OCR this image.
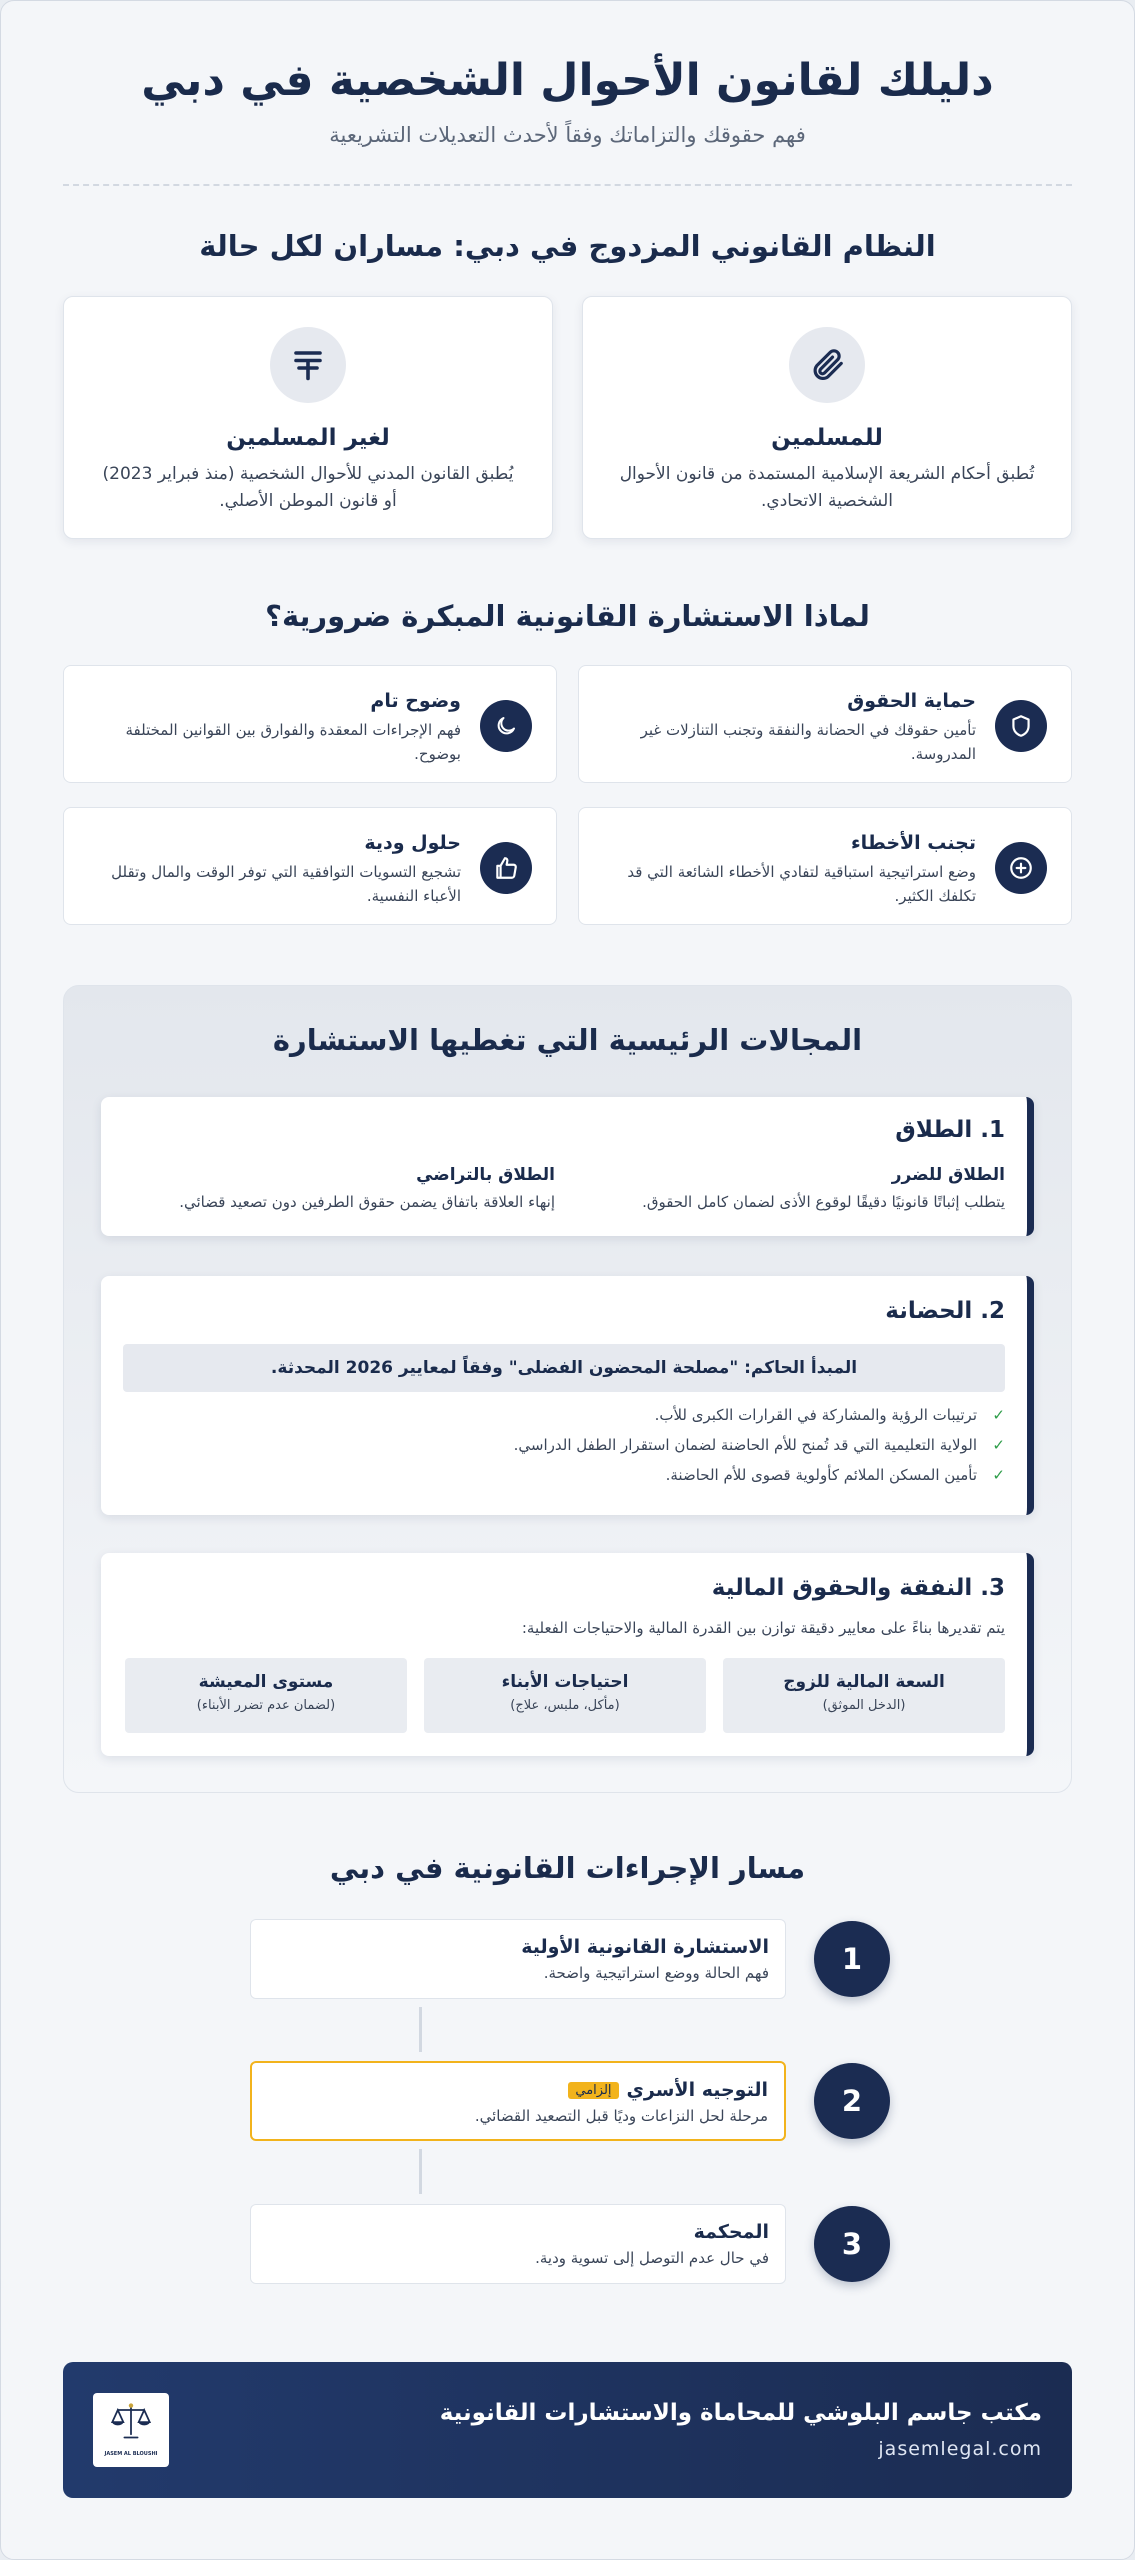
دليلك لقانون الأحوال الشخصية في دبي
فهم حقوقك والتزاماتك وفقاً لأحدث التعديلات التشريعية
النظام القانوني المزدوج في دبي: مساران لكل حالة
للمسلمين

تُطبق أحكام الشريعة الإسلامية المستمدة من قانون الأحوال الشخصية الاتحادي.

لغير المسلمين

يُطبق القانون المدني للأحوال الشخصية (منذ فبراير 2023) أو قانون الموطن الأصلي.

لماذا الاستشارة القانونية المبكرة ضرورية؟
حماية الحقوق

تأمين حقوقك في الحضانة والنفقة وتجنب التنازلات غير المدروسة.

وضوح تام

فهم الإجراءات المعقدة والفوارق بين القوانين المختلفة بوضوح.

تجنب الأخطاء

وضع استراتيجية استباقية لتفادي الأخطاء الشائعة التي قد تكلفك الكثير.

حلول ودية

تشجيع التسويات التوافقية التي توفر الوقت والمال وتقلل الأعباء النفسية.

المجالات الرئيسية التي تغطيها الاستشارة
1. الطلاق
الطلاق للضرر
يتطلب إثباتًا قانونيًا دقيقًا لوقوع الأذى لضمان كامل الحقوق.
الطلاق بالتراضي
إنهاء العلاقة باتفاق يضمن حقوق الطرفين دون تصعيد قضائي.
2. الحضانة
المبدأ الحاكم: "مصلحة المحضون الفضلى" وفقاً لمعايير 2026 المحدثة.
✓ترتيبات الرؤية والمشاركة في القرارات الكبرى للأب.
✓الولاية التعليمية التي قد تُمنح للأم الحاضنة لضمان استقرار الطفل الدراسي.
✓تأمين المسكن الملائم كأولوية قصوى للأم الحاضنة.
3. النفقة والحقوق المالية
يتم تقديرها بناءً على معايير دقيقة توازن بين القدرة المالية والاحتياجات الفعلية:
السعة المالية للزوج
(الدخل الموثق)
احتياجات الأبناء
(مأكل، ملبس، علاج)
مستوى المعيشة
(لضمان عدم تضرر الأبناء)
مسار الإجراءات القانونية في دبي
1
الاستشارة القانونية الأولية

فهم الحالة ووضع استراتيجية واضحة.

2
التوجيه الأسريإلزامي

مرحلة لحل النزاعات وديًا قبل التصعيد القضائي.

3
المحكمة

في حال عدم التوصل إلى تسوية ودية.

مكتب جاسم البلوشي للمحاماة والاستشارات القانونية
jasemlegal.com
JASEM AL BLOUSHI
